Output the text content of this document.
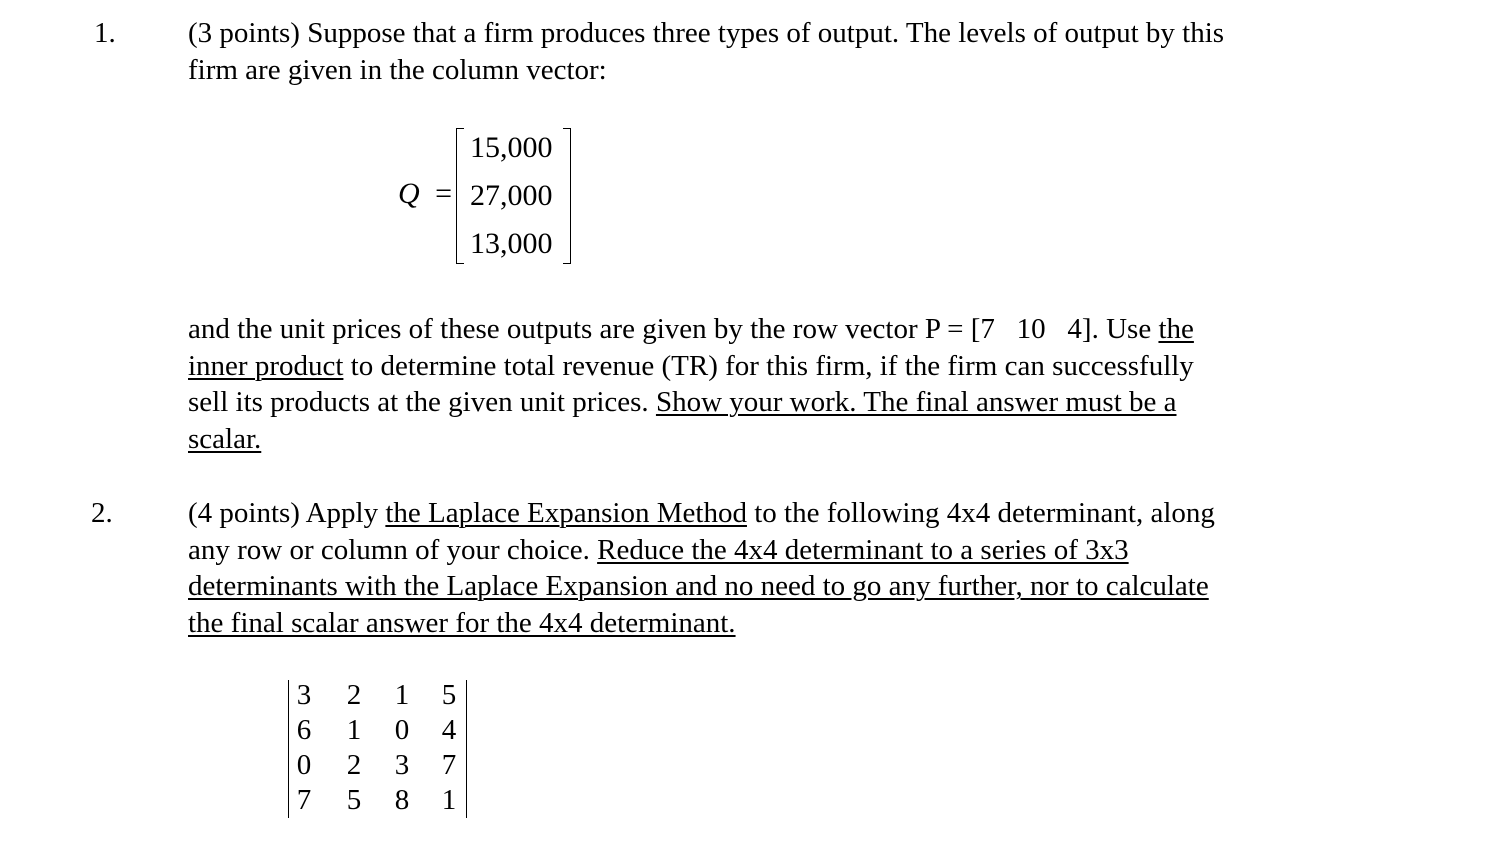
1. (3 points) Suppose that a firm produces three types of output. The levels of output by this
firm are given in the column vector:
Q =
15,000
27,000
13,000
and the unit prices of these outputs are given by the row vector P = [7   10   4]. Use the
inner product to determine total revenue (TR) for this firm, if the firm can successfully
sell its products at the given unit prices. Show your work. The final answer must be a
scalar.
2.	(4 points) Apply the Laplace Expansion Method to the following 4x4 determinant, along
any row or column of your choice. Reduce the 4x4 determinant to a series of 3x3
determinants with the Laplace Expansion and no need to go any further, nor to calculate
the final scalar answer for the 4x4 determinant.
3 2 1 5
6 1 0 4
0 2 3 7
7 5 8 1
